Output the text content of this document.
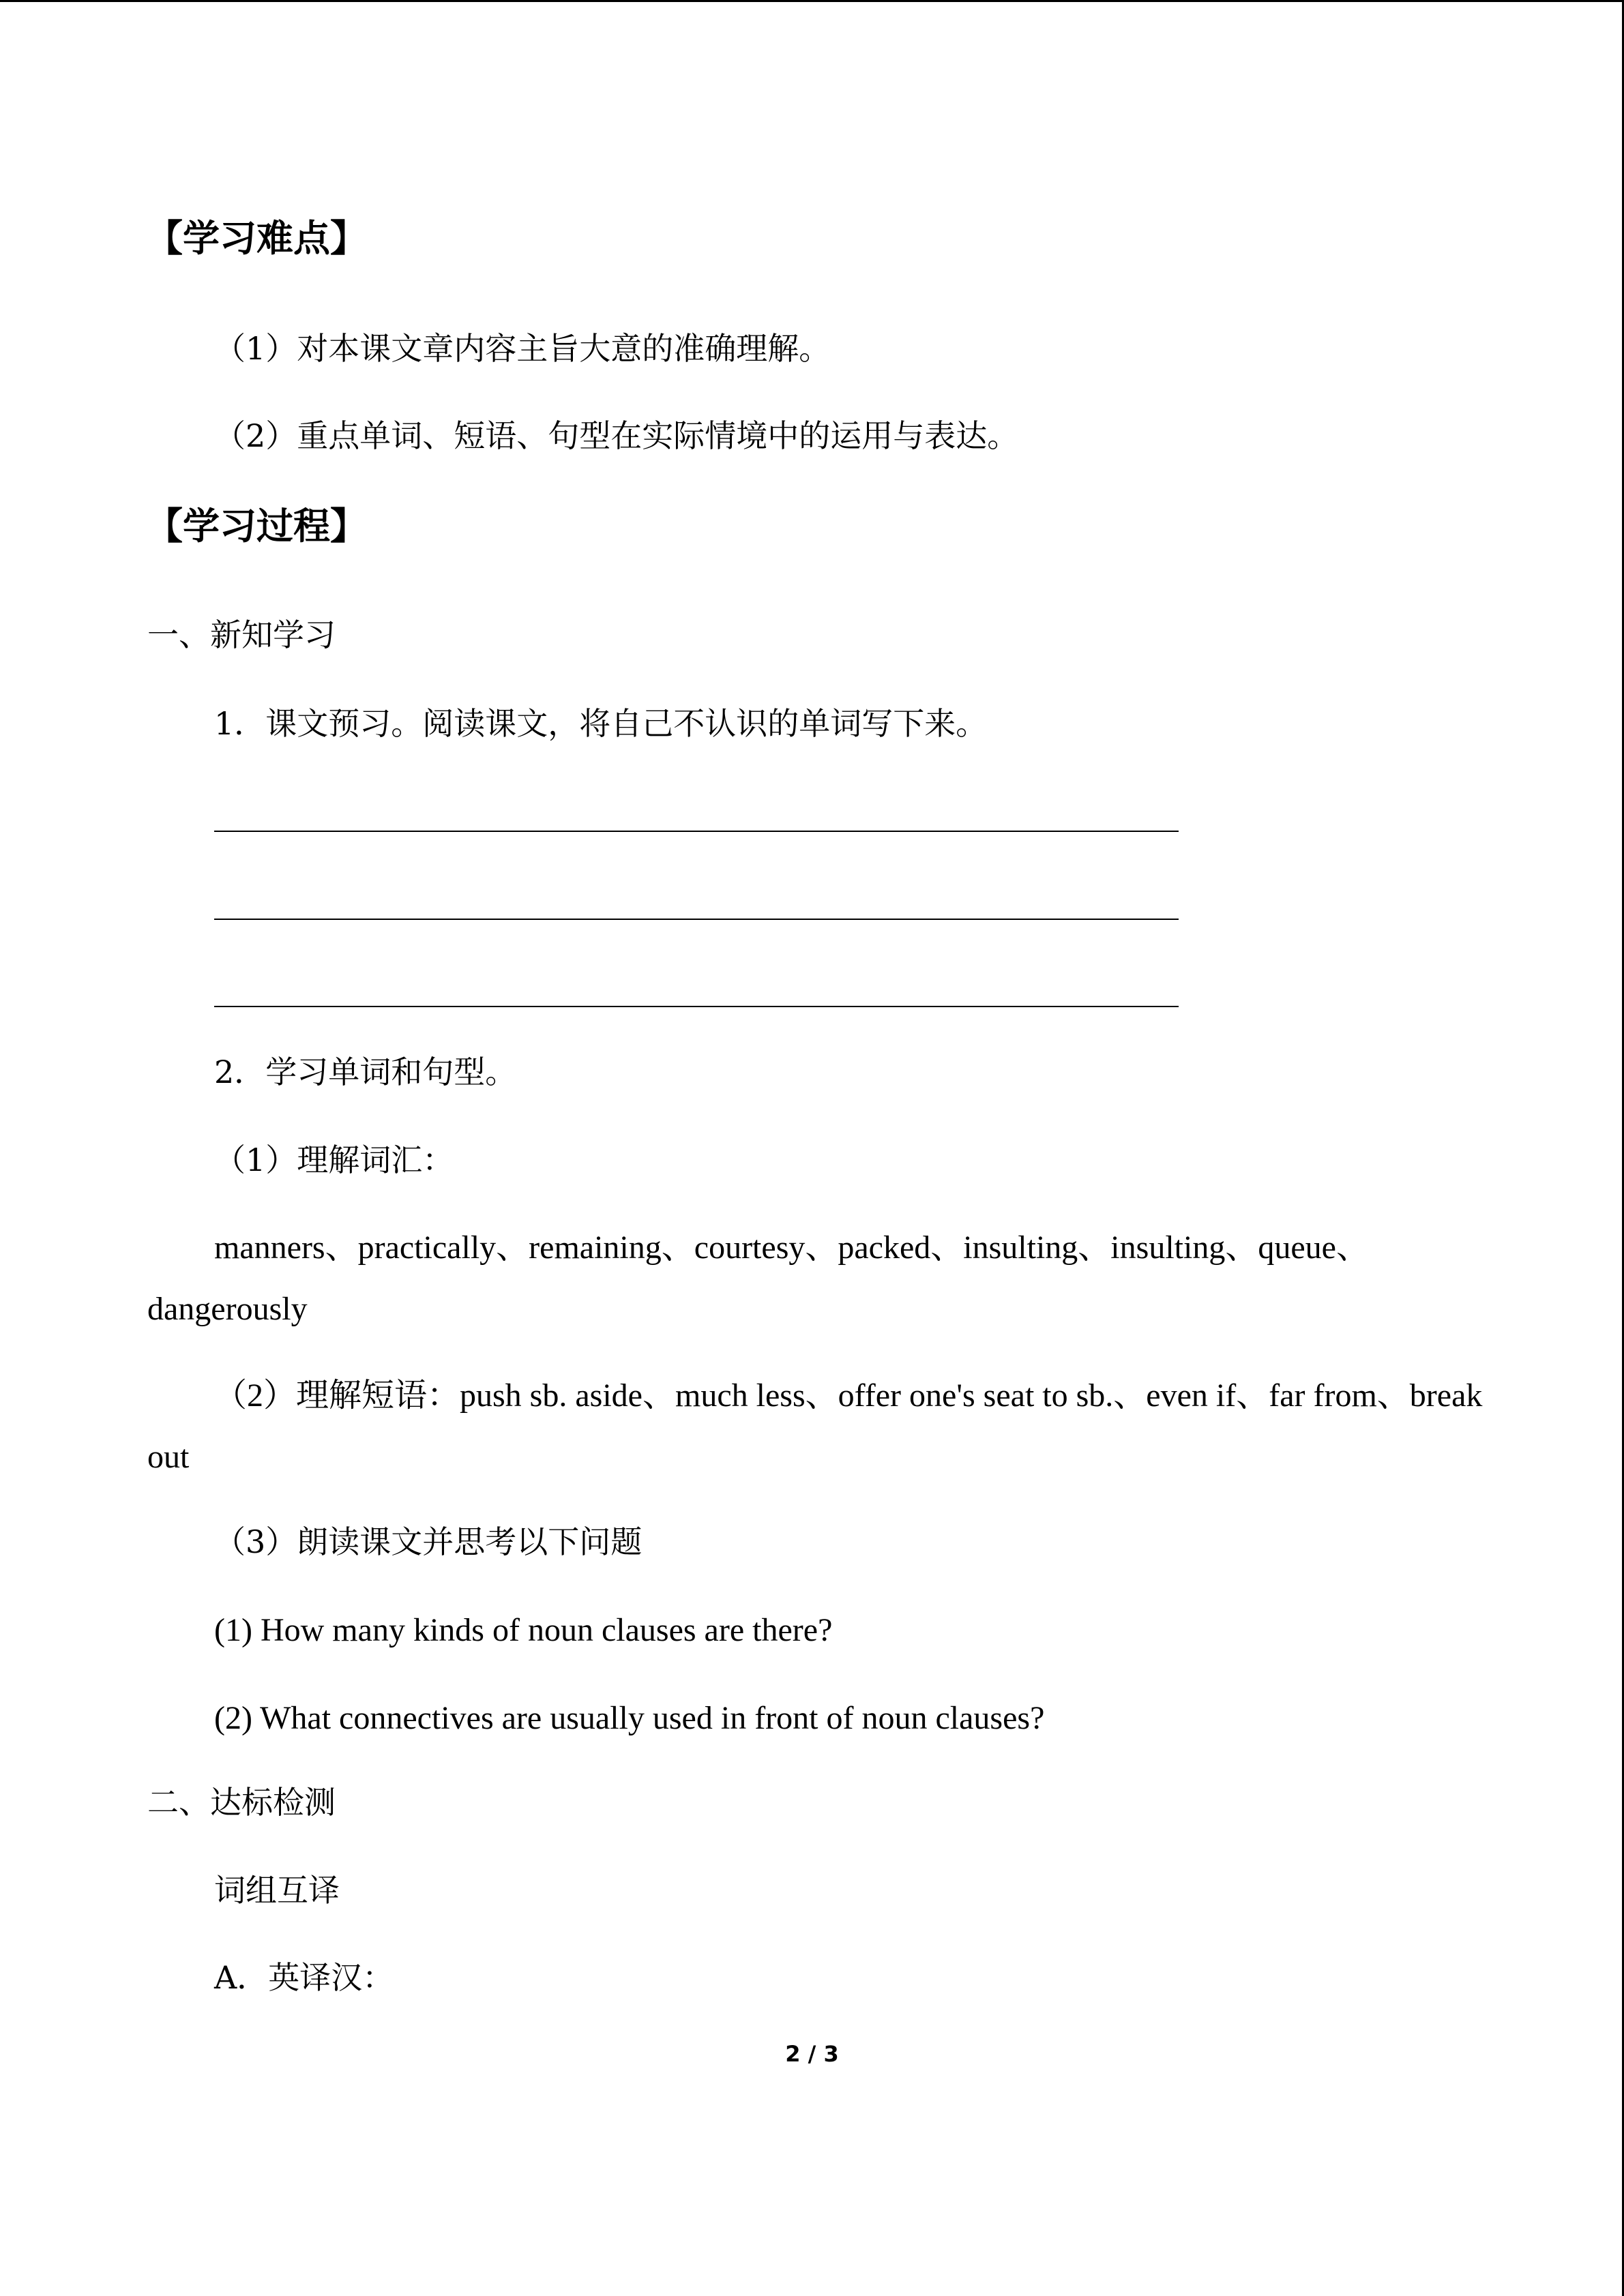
【学习难点】
（1）对本课文章内容主旨大意的准确理解。
（2）重点单词、短语、句型在实际情境中的运用与表达。
【学习过程】
一、新知学习
1．课文预习。阅读课文，将自己不认识的单词写下来。
2．学习单词和句型。
（1）理解词汇：
manners、practically、remaining、courtesy、packed、insulting、insulting、queue、
dangerously
（2）理解短语：push sb. aside、much less、offer one's seat to sb.、even if、far from、break
out
（3）朗读课文并思考以下问题
(1) How many kinds of noun clauses are there?
(2) What connectives are usually used in front of noun clauses?
二、达标检测
词组互译
A．英译汉：
2 / 3
